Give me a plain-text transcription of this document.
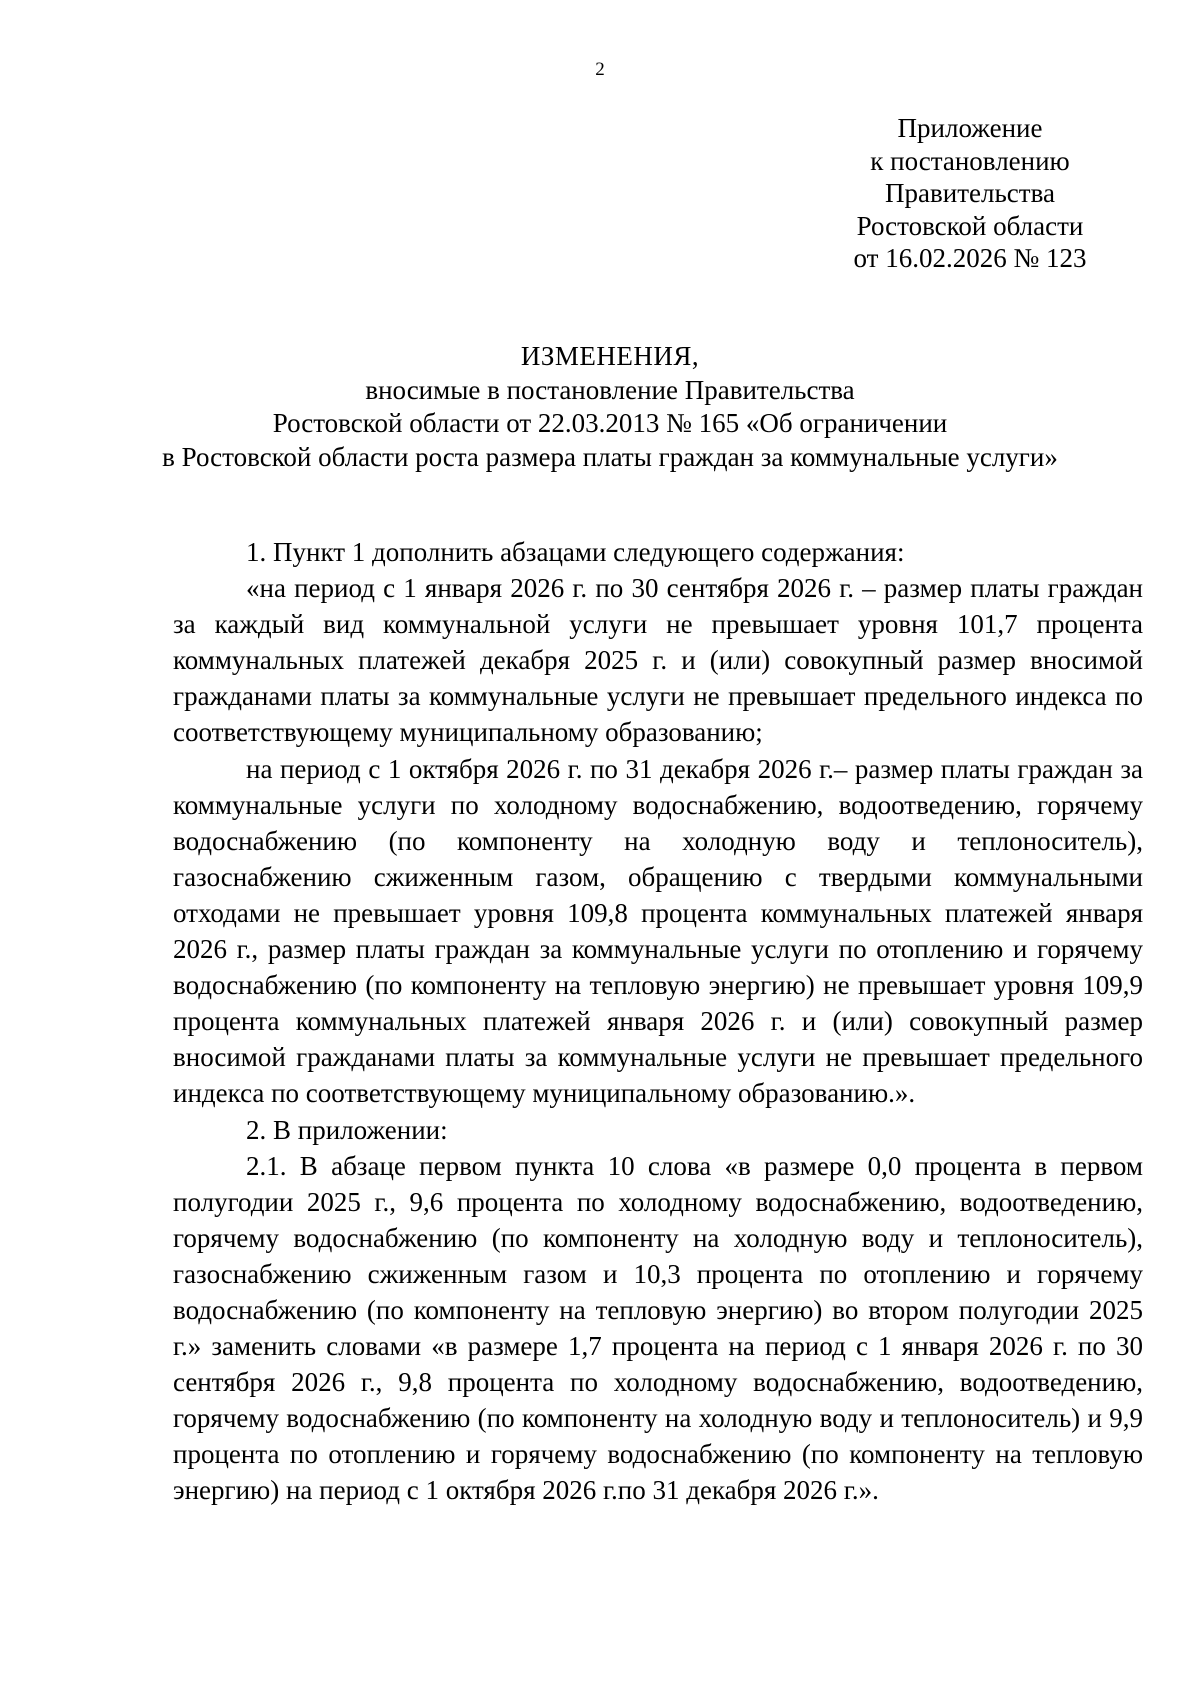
2
Приложение
к постановлению
Правительства
Ростовской области
от 16.02.2026 № 123
ИЗМЕНЕНИЯ,
вносимые в постановление Правительства
Ростовской области от 22.03.2013 № 165 «Об ограничении
в Ростовской области роста размера платы граждан за коммунальные услуги»

1. Пункт 1 дополнить абзацами следующего содержания:

«на период с 1 января 2026 г. по 30 сентября 2026 г. – размер платы граждан за каждый вид коммунальной услуги не превышает уровня 101,7 процента коммунальных платежей декабря 2025 г. и (или) совокупный размер вносимой гражданами платы за коммунальные услуги не превышает предельного индекса по соответствующему муниципальному образованию;

на период с 1 октября 2026 г. по 31 декабря 2026 г.– размер платы граждан за коммунальные услуги по холодному водоснабжению, водоотведению, горячему водоснабжению (по компоненту на холодную воду и теплоноситель), газоснабжению сжиженным газом, обращению с твердыми коммунальными отходами не превышает уровня 109,8 процента коммунальных платежей января 2026 г., размер платы граждан за коммунальные услуги по отоплению и горячему водоснабжению (по компоненту на тепловую энергию) не превышает уровня 109,9 процента коммунальных платежей января 2026 г. и (или) совокупный размер вносимой гражданами платы за коммунальные услуги не превышает предельного индекса по соответствующему муниципальному образованию.».

2. В приложении:

2.1. В абзаце первом пункта 10 слова «в размере 0,0 процента в первом полугодии 2025 г., 9,6 процента по холодному водоснабжению, водоотведению, горячему водоснабжению (по компоненту на холодную воду и теплоноситель), газоснабжению сжиженным газом и 10,3 процента по отоплению и горячему водоснабжению (по компоненту на тепловую энергию) во втором полугодии 2025 г.» заменить словами «в размере 1,7 процента на период с 1 января 2026 г. по 30 сентября 2026 г., 9,8 процента по холодному водоснабжению, водоотведению, горячему водоснабжению (по компоненту на холодную воду и теплоноситель) и 9,9 процента по отоплению и горячему водоснабжению (по компоненту на тепловую энергию) на период с 1 октября 2026 г.по 31 декабря 2026 г.».
